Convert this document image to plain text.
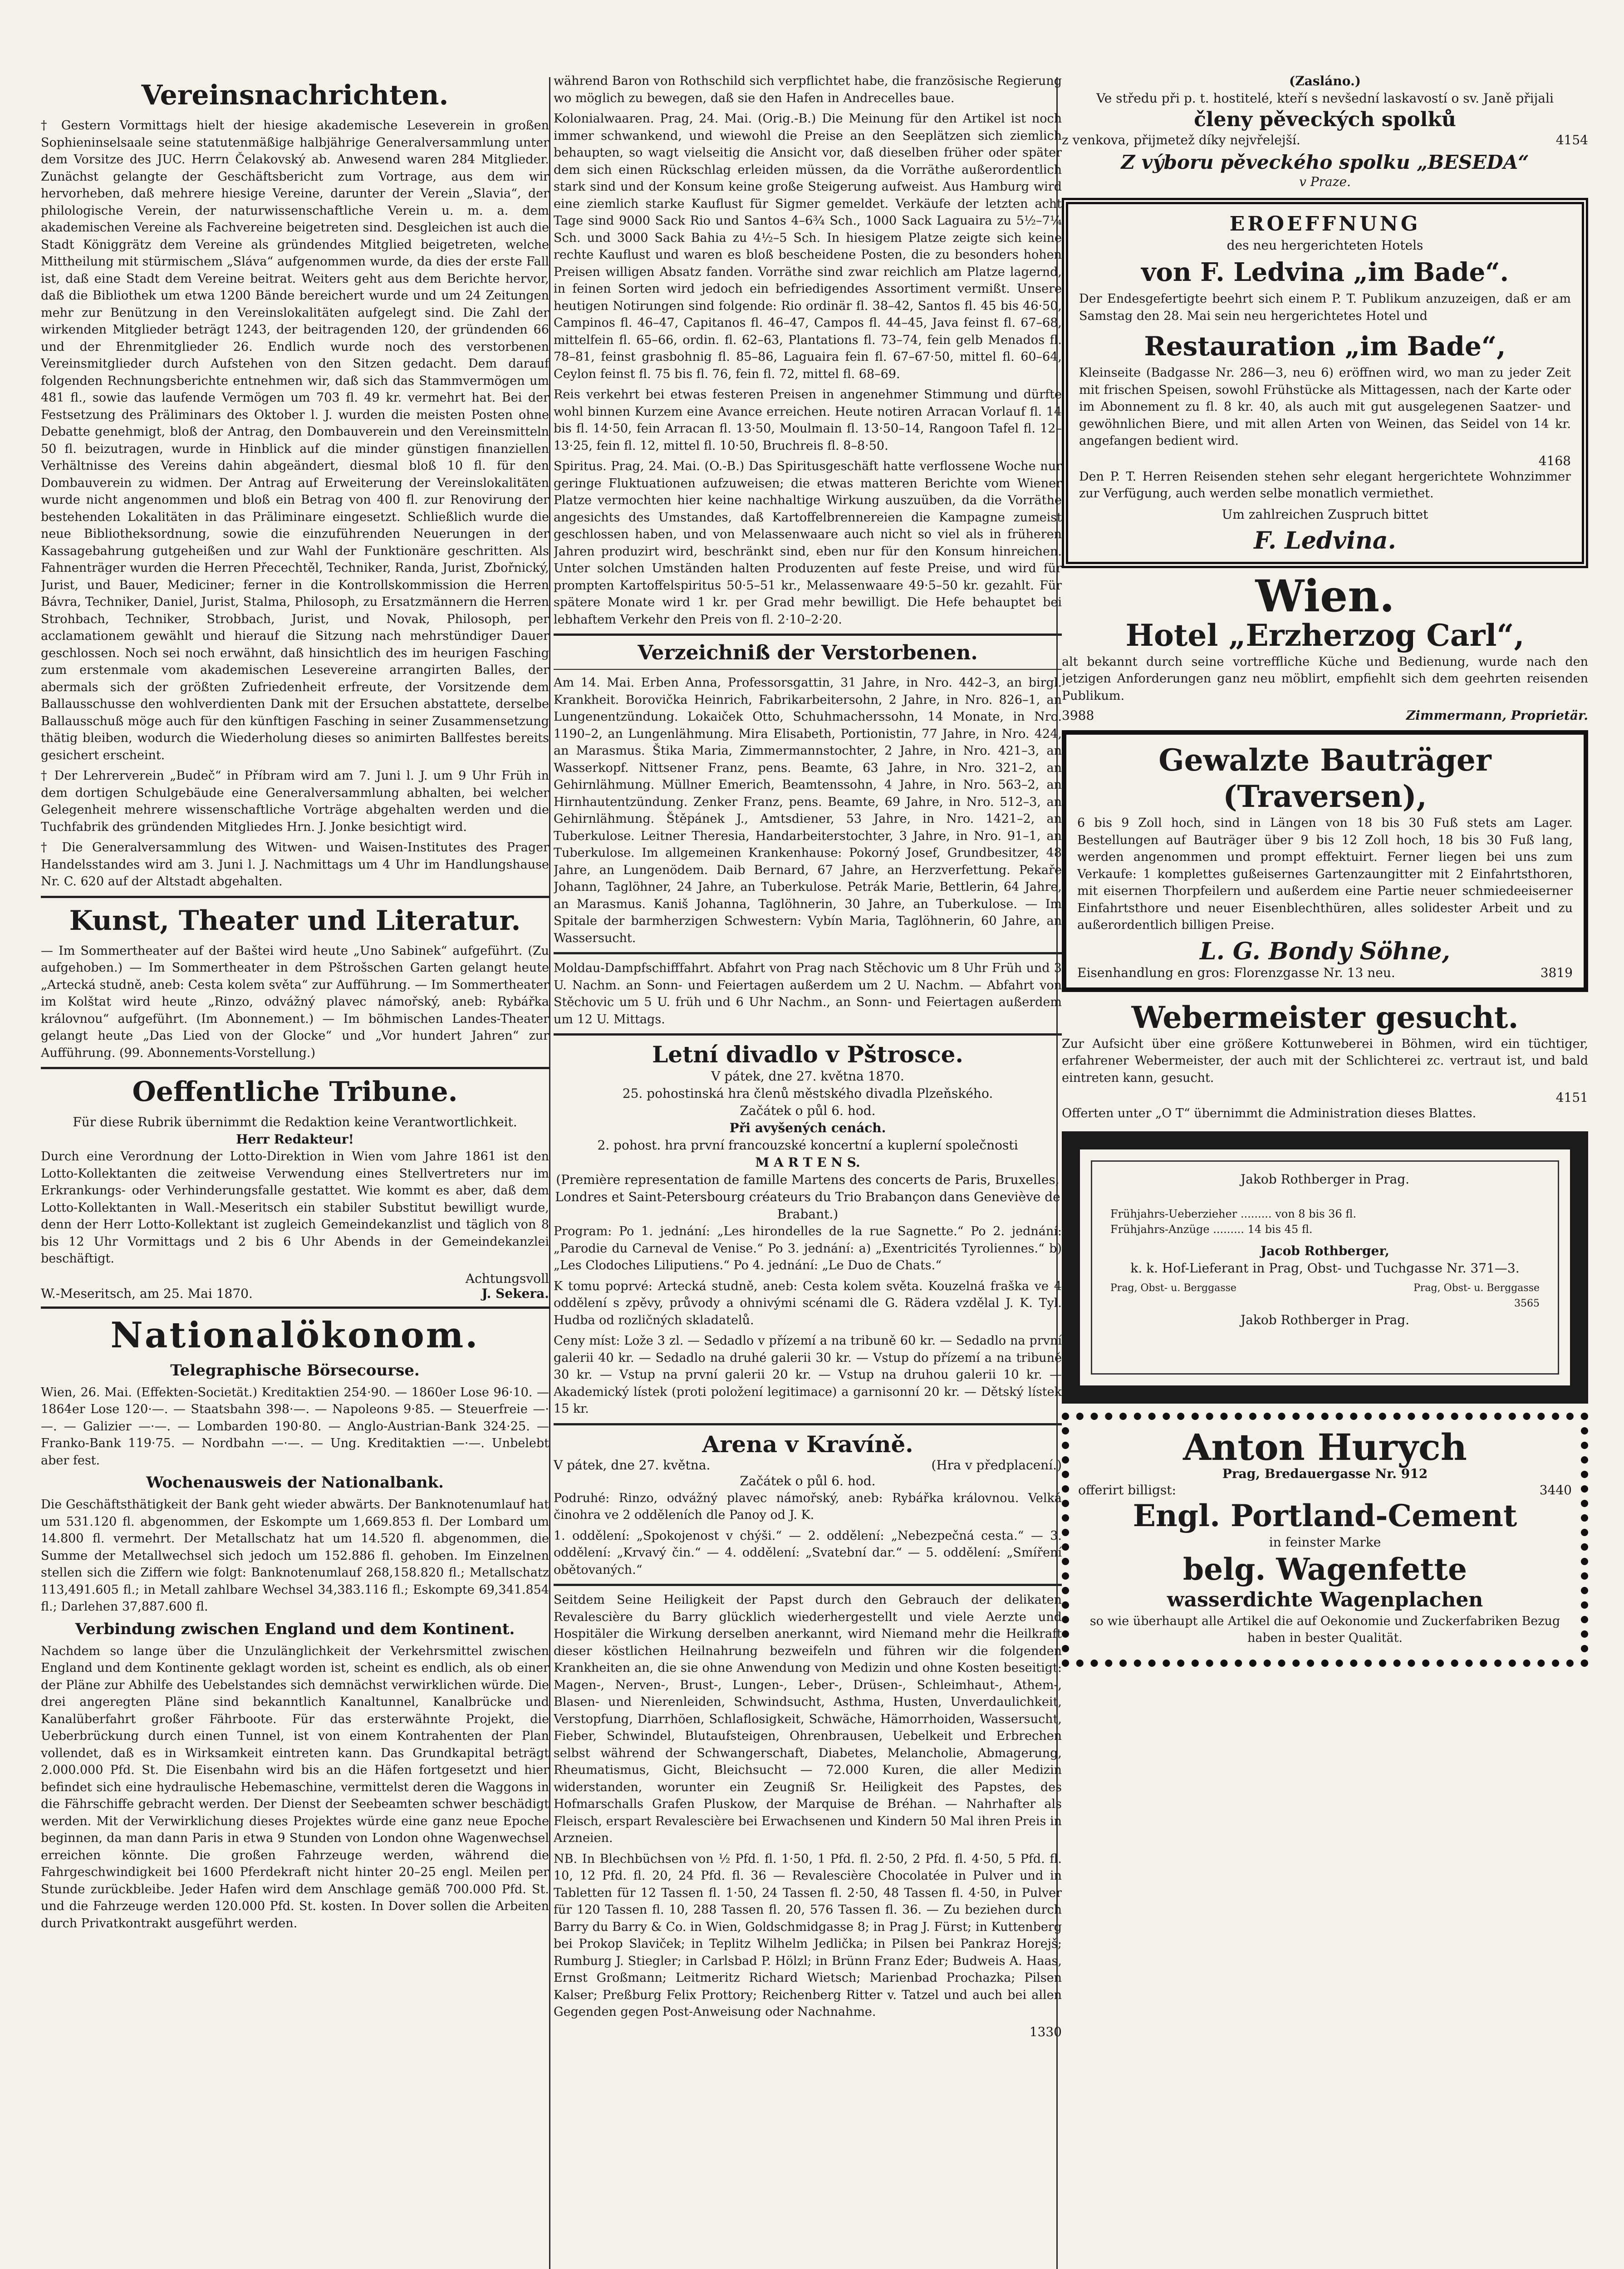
Vereinsnachrichten.

† Gestern Vormittags hielt der hiesige akademische Leseverein in großen Sophieninselsaale seine statutenmäßige halbjährige Generalversammlung unter dem Vorsitze des JUC. Herrn Čelakovský ab. Anwesend waren 284 Mitglieder. Zunächst gelangte der Geschäftsbericht zum Vortrage, aus dem wir hervorheben, daß mehrere hiesige Vereine, darunter der Verein „Slavia“, der philologische Verein, der naturwissenschaftliche Verein u. m. a. dem akademischen Vereine als Fachvereine beigetreten sind. Desgleichen ist auch die Stadt Königgrätz dem Vereine als gründendes Mitglied beigetreten, welche Mittheilung mit stürmischem „Sláva“ aufgenommen wurde, da dies der erste Fall ist, daß eine Stadt dem Vereine beitrat. Weiters geht aus dem Berichte hervor, daß die Bibliothek um etwa 1200 Bände bereichert wurde und um 24 Zeitungen mehr zur Benützung in den Vereinslokalitäten aufgelegt sind. Die Zahl der wirkenden Mitglieder beträgt 1243, der beitragenden 120, der gründenden 66 und der Ehrenmitglieder 26. Endlich wurde noch des verstorbenen Vereinsmitglieder durch Aufstehen von den Sitzen gedacht. Dem darauf folgenden Rechnungsberichte entnehmen wir, daß sich das Stammvermögen um 481 fl., sowie das laufende Vermögen um 703 fl. 49 kr. vermehrt hat. Bei der Festsetzung des Präliminars des Oktober l. J. wurden die meisten Posten ohne Debatte genehmigt, bloß der Antrag, den Dombauverein und den Vereinsmitteln 50 fl. beizutragen, wurde in Hinblick auf die minder günstigen finanziellen Verhältnisse des Vereins dahin abgeändert, diesmal bloß 10 fl. für den Dombauverein zu widmen. Der Antrag auf Erweiterung der Vereinslokalitäten wurde nicht angenommen und bloß ein Betrag von 400 fl. zur Renovirung der bestehenden Lokalitäten in das Präliminare eingesetzt. Schließlich wurde die neue Bibliotheksordnung, sowie die einzuführenden Neuerungen in der Kassagebahrung gutgeheißen und zur Wahl der Funktionäre geschritten. Als Fahnenträger wurden die Herren Přecechtěl, Techniker, Randa, Jurist, Zbořnický, Jurist, und Bauer, Mediciner; ferner in die Kontrollskommission die Herren Bávra, Techniker, Daniel, Jurist, Stalma, Philosoph, zu Ersatzmännern die Herren Strohbach, Techniker, Strobbach, Jurist, und Novak, Philosoph, per acclamationem gewählt und hierauf die Sitzung nach mehrstündiger Dauer geschlossen. Noch sei noch erwähnt, daß hinsichtlich des im heurigen Fasching zum erstenmale vom akademischen Lesevereine arrangirten Balles, der abermals sich der größten Zufriedenheit erfreute, der Vorsitzende dem Ballausschusse den wohlverdienten Dank mit der Ersuchen abstattete, derselbe Ballausschuß möge auch für den künftigen Fasching in seiner Zusammensetzung thätig bleiben, wodurch die Wiederholung dieses so animirten Ballfestes bereits gesichert erscheint.

† Der Lehrerverein „Budeč“ in Příbram wird am 7. Juni l. J. um 9 Uhr Früh in dem dortigen Schulgebäude eine Generalversammlung abhalten, bei welcher Gelegenheit mehrere wissenschaftliche Vorträge abgehalten werden und die Tuchfabrik des gründenden Mitgliedes Hrn. J. Jonke besichtigt wird.

† Die Generalversammlung des Witwen- und Waisen-Institutes des Prager Handelsstandes wird am 3. Juni l. J. Nachmittags um 4 Uhr im Handlungshause Nr. C. 620 auf der Altstadt abgehalten.

Kunst, Theater und Literatur.

— Im Sommertheater auf der Baštei wird heute „Uno Sabinek“ aufgeführt. (Zu aufgehoben.) — Im Sommertheater in dem Pštrošschen Garten gelangt heute „Artecká studně, aneb: Cesta kolem světa“ zur Aufführung. — Im Sommertheater im Kolštat wird heute „Rinzo, odvážný plavec námořský, aneb: Rybářka královnou“ aufgeführt. (Im Abonnement.) — Im böhmischen Landes-Theater gelangt heute „Das Lied von der Glocke“ und „Vor hundert Jahren“ zur Aufführung. (99. Abonnements-Vorstellung.)

Oeffentliche Tribune.
Für diese Rubrik übernimmt die Redaktion keine Verantwortlichkeit.
Herr Redakteur!

Durch eine Verordnung der Lotto-Direktion in Wien vom Jahre 1861 ist den Lotto-Kollektanten die zeitweise Verwendung eines Stellvertreters nur im Erkrankungs- oder Verhinderungsfalle gestattet. Wie kommt es aber, daß dem Lotto-Kollektanten in Wall.-Meseritsch ein stabiler Substitut bewilligt wurde, denn der Herr Lotto-Kollektant ist zugleich Gemeindekanzlist und täglich von 8 bis 12 Uhr Vormittags und 2 bis 6 Uhr Abends in der Gemeindekanzlei beschäftigt.

Achtungsvoll
W.-Meseritsch, am 25. Mai 1870.	J. Sekera.
Nationalökonom.
Telegraphische Börsecourse.

Wien, 26. Mai. (Effekten-Societät.) Kreditaktien 254·90. — 1860er Lose 96·10. — 1864er Lose 120·—. — Staatsbahn 398·—. — Napoleons 9·85. — Steuerfreie —·—. — Galizier —·—. — Lombarden 190·80. — Anglo-Austrian-Bank 324·25. — Franko-Bank 119·75. — Nordbahn —·—. — Ung. Kreditaktien —·—. Unbelebt aber fest.

Wochenausweis der Nationalbank.

Die Geschäftsthätigkeit der Bank geht wieder abwärts. Der Banknotenumlauf hat um 531.120 fl. abgenommen, der Eskompte um 1,669.853 fl. Der Lombard um 14.800 fl. vermehrt. Der Metallschatz hat um 14.520 fl. abgenommen, die Summe der Metallwechsel sich jedoch um 152.886 fl. gehoben. Im Einzelnen stellen sich die Ziffern wie folgt: Banknotenumlauf 268,158.820 fl.; Metallschatz 113,491.605 fl.; in Metall zahlbare Wechsel 34,383.116 fl.; Eskompte 69,341.854 fl.; Darlehen 37,887.600 fl.

Verbindung zwischen England und dem Kontinent.

Nachdem so lange über die Unzulänglichkeit der Verkehrsmittel zwischen England und dem Kontinente geklagt worden ist, scheint es endlich, als ob einer der Pläne zur Abhilfe des Uebelstandes sich demnächst verwirklichen würde. Die drei angeregten Pläne sind bekanntlich Kanaltunnel, Kanalbrücke und Kanalüberfahrt großer Fährboote. Für das ersterwähnte Projekt, die Ueberbrückung durch einen Tunnel, ist von einem Kontrahenten der Plan vollendet, daß es in Wirksamkeit eintreten kann. Das Grundkapital beträgt 2.000.000 Pfd. St. Die Eisenbahn wird bis an die Häfen fortgesetzt und hier befindet sich eine hydraulische Hebemaschine, vermittelst deren die Waggons in die Fährschiffe gebracht werden. Der Dienst der Seebeamten schwer beschädigt werden. Mit der Verwirklichung dieses Projektes würde eine ganz neue Epoche beginnen, da man dann Paris in etwa 9 Stunden von London ohne Wagenwechsel erreichen könnte. Die großen Fahrzeuge werden, während die Fahrgeschwindigkeit bei 1600 Pferdekraft nicht hinter 20–25 engl. Meilen per Stunde zurückbleibe. Jeder Hafen wird dem Anschlage gemäß 700.000 Pfd. St. und die Fahrzeuge werden 120.000 Pfd. St. kosten. In Dover sollen die Arbeiten durch Privatkontrakt ausgeführt werden.

während Baron von Rothschild sich verpflichtet habe, die französische Regierung wo möglich zu bewegen, daß sie den Hafen in Andrecelles baue.

Kolonialwaaren. Prag, 24. Mai. (Orig.-B.) Die Meinung für den Artikel ist noch immer schwankend, und wiewohl die Preise an den Seeplätzen sich ziemlich behaupten, so wagt vielseitig die Ansicht vor, daß dieselben früher oder später dem sich einen Rückschlag erleiden müssen, da die Vorräthe außerordentlich stark sind und der Konsum keine große Steigerung aufweist. Aus Hamburg wird eine ziemlich starke Kauflust für Sigmer gemeldet. Verkäufe der letzten acht Tage sind 9000 Sack Rio und Santos 4–6¾ Sch., 1000 Sack Laguaira zu 5½–7¼ Sch. und 3000 Sack Bahia zu 4½–5 Sch. In hiesigem Platze zeigte sich keine rechte Kauflust und waren es bloß bescheidene Posten, die zu besonders hohen Preisen willigen Absatz fanden. Vorräthe sind zwar reichlich am Platze lagernd, in feinen Sorten wird jedoch ein befriedigendes Assortiment vermißt. Unsere heutigen Notirungen sind folgende: Rio ordinär fl. 38–42, Santos fl. 45 bis 46·50, Campinos fl. 46–47, Capitanos fl. 46–47, Campos fl. 44–45, Java feinst fl. 67–68, mittelfein fl. 65–66, ordin. fl. 62–63, Plantations fl. 73–74, fein gelb Menados fl. 78–81, feinst grasbohnig fl. 85–86, Laguaira fein fl. 67–67·50, mittel fl. 60–64, Ceylon feinst fl. 75 bis fl. 76, fein fl. 72, mittel fl. 68–69.

Reis verkehrt bei etwas festeren Preisen in angenehmer Stimmung und dürfte wohl binnen Kurzem eine Avance erreichen. Heute notiren Arracan Vorlauf fl. 14 bis fl. 14·50, fein Arracan fl. 13·50, Moulmain fl. 13·50–14, Rangoon Tafel fl. 12–13·25, fein fl. 12, mittel fl. 10·50, Bruchreis fl. 8–8·50.

Spiritus. Prag, 24. Mai. (O.-B.) Das Spiritusgeschäft hatte verflossene Woche nur geringe Fluktuationen aufzuweisen; die etwas matteren Berichte vom Wiener Platze vermochten hier keine nachhaltige Wirkung auszuüben, da die Vorräthe angesichts des Umstandes, daß Kartoffelbrennereien die Kampagne zumeist geschlossen haben, und von Melassenwaare auch nicht so viel als in früheren Jahren produzirt wird, beschränkt sind, eben nur für den Konsum hinreichen. Unter solchen Umständen halten Produzenten auf feste Preise, und wird für prompten Kartoffelspiritus 50·5–51 kr., Melassenwaare 49·5–50 kr. gezahlt. Für spätere Monate wird 1 kr. per Grad mehr bewilligt. Die Hefe behauptet bei lebhaftem Verkehr den Preis von fl. 2·10–2·20.

Verzeichniß der Verstorbenen.

Am 14. Mai. Erben Anna, Professorsgattin, 31 Jahre, in Nro. 442–3, an birgl. Krankheit. Borovička Heinrich, Fabrikarbeitersohn, 2 Jahre, in Nro. 826–1, an Lungenentzündung. Lokaiček Otto, Schuhmacherssohn, 14 Monate, in Nro. 1190–2, an Lungenlähmung. Mira Elisabeth, Portionistin, 77 Jahre, in Nro. 424, an Marasmus. Štika Maria, Zimmermannstochter, 2 Jahre, in Nro. 421–3, an Wasserkopf. Nittsener Franz, pens. Beamte, 63 Jahre, in Nro. 321–2, an Gehirnlähmung. Müllner Emerich, Beamtenssohn, 4 Jahre, in Nro. 563–2, an Hirnhautentzündung. Zenker Franz, pens. Beamte, 69 Jahre, in Nro. 512–3, an Gehirnlähmung. Štěpánek J., Amtsdiener, 53 Jahre, in Nro. 1421–2, an Tuberkulose. Leitner Theresia, Handarbeiterstochter, 3 Jahre, in Nro. 91–1, an Tuberkulose. Im allgemeinen Krankenhause: Pokorný Josef, Grundbesitzer, 48 Jahre, an Lungenödem. Daib Bernard, 67 Jahre, an Herzverfettung. Pekaře Johann, Taglöhner, 24 Jahre, an Tuberkulose. Petrák Marie, Bettlerin, 64 Jahre, an Marasmus. Kaniš Johanna, Taglöhnerin, 30 Jahre, an Tuberkulose. — Im Spitale der barmherzigen Schwestern: Vybín Maria, Taglöhnerin, 60 Jahre, an Wassersucht.

Moldau-Dampfschifffahrt. Abfahrt von Prag nach Stěchovic um 8 Uhr Früh und 3 U. Nachm. an Sonn- und Feiertagen außerdem um 2 U. Nachm. — Abfahrt von Stěchovic um 5 U. früh und 6 Uhr Nachm., an Sonn- und Feiertagen außerdem um 12 U. Mittags.

Letní divadlo v Pštrosce.
V pátek, dne 27. května 1870.
25. pohostinská hra členů městského divadla Plzeňského.
Začátek o půl 6. hod.
Při avyšených cenách.
2. pohost. hra první francouzské koncertní a kuplerní společnosti
M A R T E N S.
(Première representation de famille Martens des concerts de Paris, Bruxelles, Londres et Saint-Petersbourg créateurs du Trio Brabançon dans Geneviève de Brabant.)

Program: Po 1. jednání: „Les hirondelles de la rue Sagnette.“ Po 2. jednání: „Parodie du Carneval de Venise.“ Po 3. jednání: a) „Exentricités Tyroliennes.“ b) „Les Clodoches Liliputiens.“ Po 4. jednání: „Le Duo de Chats.“

K tomu poprvé: Artecká studně, aneb: Cesta kolem světa. Kouzelná fraška ve 4 oddělení s zpěvy, průvody a ohnivými scénami dle G. Rädera vzdělal J. K. Tyl. Hudba od rozličných skladatelů.

Ceny míst: Lože 3 zl. — Sedadlo v přízemí a na tribuně 60 kr. — Sedadlo na první galerii 40 kr. — Sedadlo na druhé galerii 30 kr. — Vstup do přízemí a na tribuně 30 kr. — Vstup na první galerii 20 kr. — Vstup na druhou galerii 10 kr. — Akademický lístek (proti položení legitimace) a garnisonní 20 kr. — Dětský lístek 15 kr.

Arena v Kravíně.
V pátek, dne 27. května.	(Hra v předplacení.)
Začátek o půl 6. hod.

Podruhé: Rinzo, odvážný plavec námořský, aneb: Rybářka královnou. Velká činohra ve 2 odděleních dle Panoy od J. K.

1. oddělení: „Spokojenost v chýši.“ — 2. oddělení: „Nebezpečná cesta.“ — 3. oddělení: „Krvavý čin.“ — 4. oddělení: „Svatební dar.“ — 5. oddělení: „Smíření obětovaných.“

Seitdem Seine Heiligkeit der Papst durch den Gebrauch der delikaten Revalescière du Barry glücklich wiederhergestellt und viele Aerzte und Hospitäler die Wirkung derselben anerkannt, wird Niemand mehr die Heilkraft dieser köstlichen Heilnahrung bezweifeln und führen wir die folgenden Krankheiten an, die sie ohne Anwendung von Medizin und ohne Kosten beseitigt: Magen-, Nerven-, Brust-, Lungen-, Leber-, Drüsen-, Schleimhaut-, Athem-, Blasen- und Nierenleiden, Schwindsucht, Asthma, Husten, Unverdaulichkeit, Verstopfung, Diarrhöen, Schlaflosigkeit, Schwäche, Hämorrhoiden, Wassersucht, Fieber, Schwindel, Blutaufsteigen, Ohrenbrausen, Uebelkeit und Erbrechen selbst während der Schwangerschaft, Diabetes, Melancholie, Abmagerung, Rheumatismus, Gicht, Bleichsucht — 72.000 Kuren, die aller Medizin widerstanden, worunter ein Zeugniß Sr. Heiligkeit des Papstes, des Hofmarschalls Grafen Pluskow, der Marquise de Bréhan. — Nahrhafter als Fleisch, erspart Revalescière bei Erwachsenen und Kindern 50 Mal ihren Preis in Arzneien.

NB. In Blechbüchsen von ½ Pfd. fl. 1·50, 1 Pfd. fl. 2·50, 2 Pfd. fl. 4·50, 5 Pfd. fl. 10, 12 Pfd. fl. 20, 24 Pfd. fl. 36 — Revalescière Chocolatée in Pulver und in Tabletten für 12 Tassen fl. 1·50, 24 Tassen fl. 2·50, 48 Tassen fl. 4·50, in Pulver für 120 Tassen fl. 10, 288 Tassen fl. 20, 576 Tassen fl. 36. — Zu beziehen durch Barry du Barry & Co. in Wien, Goldschmidgasse 8; in Prag J. Fürst; in Kuttenberg bei Prokop Slaviček; in Teplitz Wilhelm Jedlička; in Pilsen bei Pankraz Horejš; Rumburg J. Stiegler; in Carlsbad P. Hölzl; in Brünn Franz Eder; Budweis A. Haas, Ernst Großmann; Leitmeritz Richard Wietsch; Marienbad Prochazka; Pilsen Kalser; Preßburg Felix Prottory; Reichenberg Ritter v. Tatzel und auch bei allen Gegenden gegen Post-Anweisung oder Nachnahme.

1330
(Zasláno.)
Ve středu při p. t. hostitelé, kteří s nevšední laskavostí o sv. Janě přijali
členy pěveckých spolků
z venkova, přijmetež díky nejvřelejší.	4154
Z výboru pěveckého spolku „BESEDA“
v Praze.
EROEFFNUNG
des neu hergerichteten Hotels
von F. Ledvina „im Bade“.

Der Endesgefertigte beehrt sich einem P. T. Publikum anzuzeigen, daß er am Samstag den 28. Mai sein neu hergerichtetes Hotel und

Restauration „im Bade“,

Kleinseite (Badgasse Nr. 286—3, neu 6) eröffnen wird, wo man zu jeder Zeit mit frischen Speisen, sowohl Frühstücke als Mittagessen, nach der Karte oder im Abonnement zu fl. 8 kr. 40, als auch mit gut ausgelegenen Saatzer- und gewöhnlichen Biere, und mit allen Arten von Weinen, das Seidel von 14 kr. angefangen bedient wird.

4168

Den P. T. Herren Reisenden stehen sehr elegant hergerichtete Wohnzimmer zur Verfügung, auch werden selbe monatlich vermiethet.

Um zahlreichen Zuspruch bittet
F. Ledvina.
Wien.
Hotel „Erzherzog Carl“,

alt bekannt durch seine vortreffliche Küche und Bedienung, wurde nach den jetzigen Anforderungen ganz neu möblirt, empfiehlt sich dem geehrten reisenden Publikum.

3988	Zimmermann, Proprietär.
Gewalzte Bauträger
(Traversen),

6 bis 9 Zoll hoch, sind in Längen von 18 bis 30 Fuß stets am Lager. Bestellungen auf Bauträger über 9 bis 12 Zoll hoch, 18 bis 30 Fuß lang, werden angenommen und prompt effektuirt. Ferner liegen bei uns zum Verkaufe: 1 komplettes gußeisernes Gartenzaungitter mit 2 Einfahrtsthoren, mit eisernen Thorpfeilern und außerdem eine Partie neuer schmiedeeiserner Einfahrtsthore und neuer Eisenblechthüren, alles solidester Arbeit und zu außerordentlich billigen Preise.

L. G. Bondy Söhne,
Eisenhandlung en gros: Florenzgasse Nr. 13 neu.	3819
Webermeister gesucht.

Zur Aufsicht über eine größere Kottunweberei in Böhmen, wird ein tüchtiger, erfahrener Webermeister, der auch mit der Schlichterei zc. vertraut ist, und bald eintreten kann, gesucht.

4151

Offerten unter „O T“ übernimmt die Administration dieses Blattes.

Jakob Rothberger in Prag.
Frühjahrs-Ueberzieher ......... von 8 bis 36 fl.
Frühjahrs-Anzüge ......... 14 bis 45 fl.
Jacob Rothberger,
k. k. Hof-Lieferant in Prag, Obst- und Tuchgasse Nr. 371—3.
Prag, Obst- u. Berggasse	Prag, Obst- u. Berggasse
3565
Jakob Rothberger in Prag.
Anton Hurych
Prag, Bredauergasse Nr. 912
offerirt billigst:	3440
Engl. Portland-Cement
in feinster Marke
belg. Wagenfette
wasserdichte Wagenplachen

so wie überhaupt alle Artikel die auf Oekonomie und Zuckerfabriken Bezug haben in bester Qualität.
